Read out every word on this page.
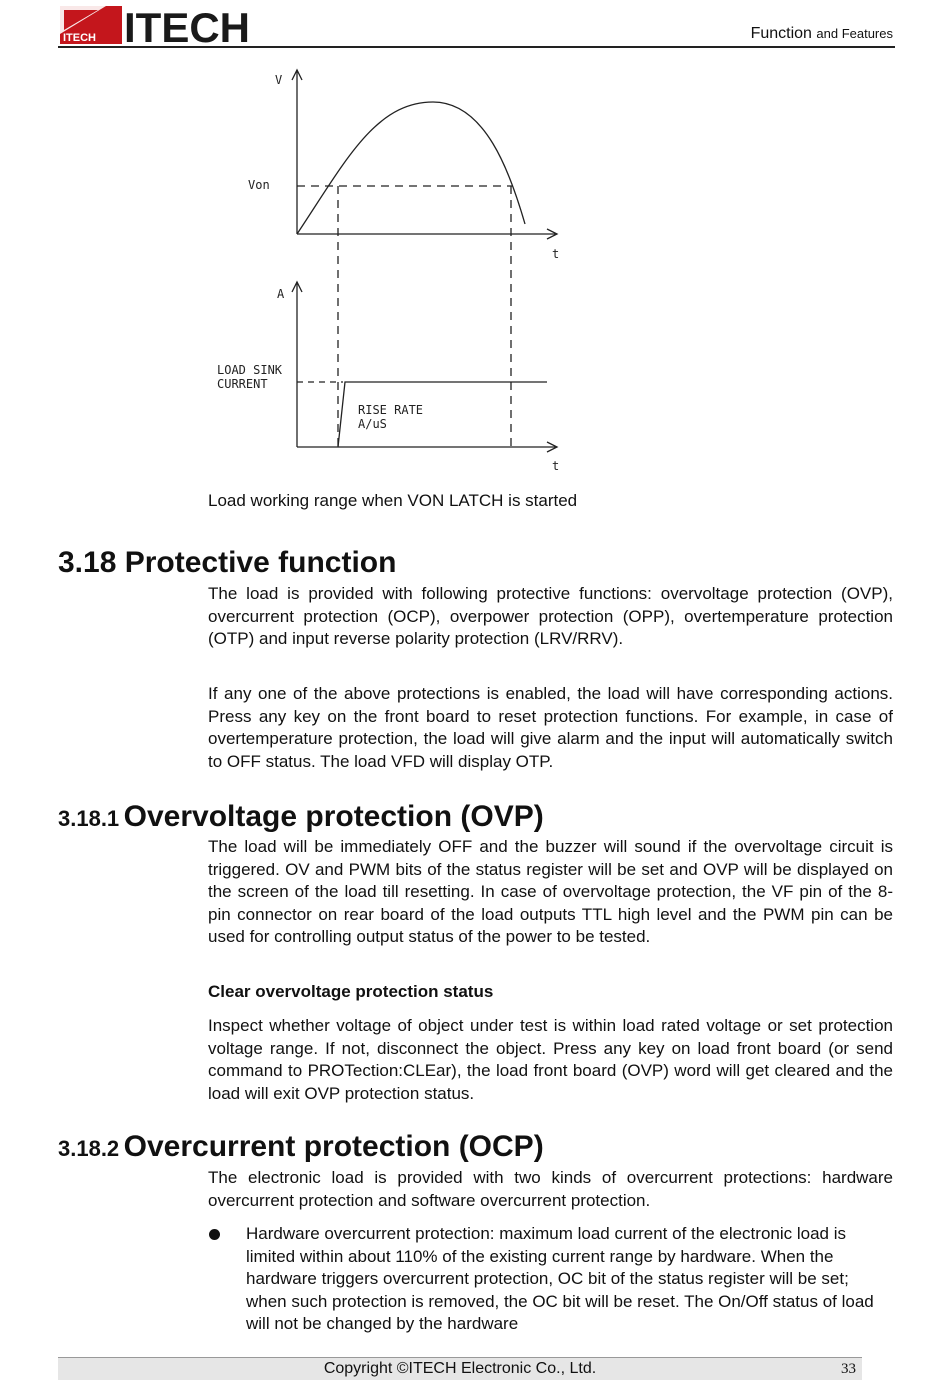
ITECH ITECH	Function and Features
V
Von
t
A
LOAD SINK
CURRENT
RISE RATE
A/uS
t
Load working range when VON LATCH is started
3.18 Protective function
The load is provided with following protective functions: overvoltage protection (OVP), overcurrent protection (OCP), overpower protection (OPP), overtemperature protection (OTP) and input reverse polarity protection (LRV/RRV).
If any one of the above protections is enabled, the load will have corresponding actions. Press any key on the front board to reset protection functions. For example, in case of overtemperature protection, the load will give alarm and the input will automatically switch to OFF status. The load VFD will display OTP.
3.18.1 Overvoltage protection (OVP)
The load will be immediately OFF and the buzzer will sound if the overvoltage circuit is triggered. OV and PWM bits of the status register will be set and OVP will be displayed on the screen of the load till resetting. In case of overvoltage protection, the VF pin of the 8-pin connector on rear board of the load outputs TTL high level and the PWM pin can be used for controlling output status of the power to be tested.
Clear overvoltage protection status
Inspect whether voltage of object under test is within load rated voltage or set protection voltage range. If not, disconnect the object. Press any key on load front board (or send command to PROTection:CLEar), the load front board (OVP) word will get cleared and the load will exit OVP protection status.
3.18.2 Overcurrent protection (OCP)
The electronic load is provided with two kinds of overcurrent protections: hardware overcurrent protection and software overcurrent protection.
Hardware overcurrent protection: maximum load current of the electronic load is limited within about 110% of the existing current range by hardware. When the hardware triggers overcurrent protection, OC bit of the status register will be set; when such protection is removed, the OC bit will be reset. The On/Off status of load will not be changed by the hardware
Copyright ©ITECH Electronic Co., Ltd.	33
